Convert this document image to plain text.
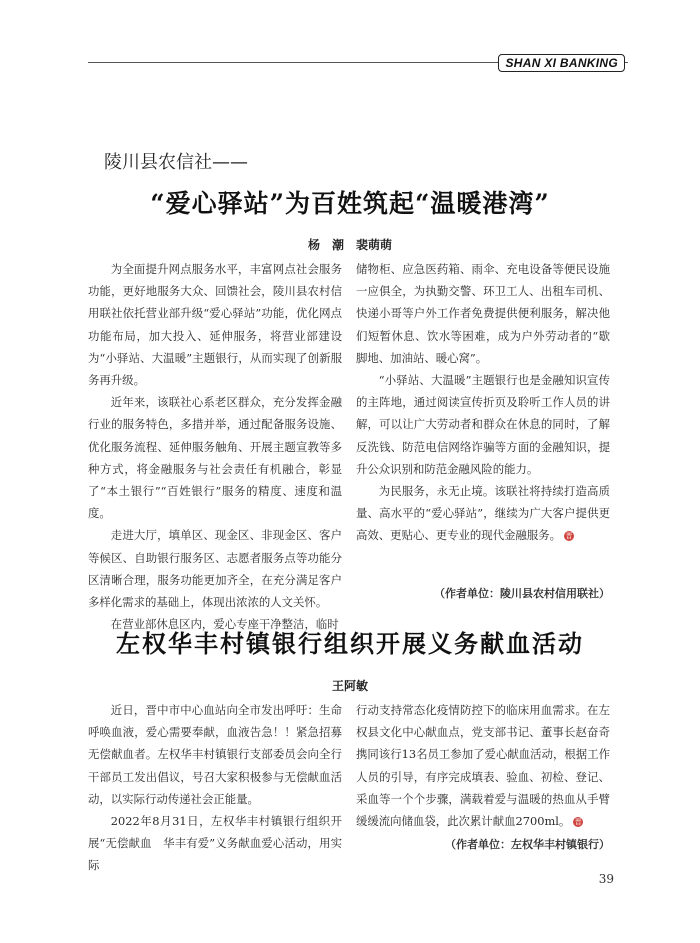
SHAN XI BANKING
陵川县农信社——
“爱心驿站”为百姓筑起“温暖港湾”
杨　潮　裴萌萌

为全面提升网点服务水平，丰富网点社会服务功能，更好地服务大众、回馈社会，陵川县农村信用联社依托营业部升级“爱心驿站”功能，优化网点功能布局，加大投入、延伸服务，将营业部建设为“小驿站、大温暖”主题银行，从而实现了创新服务再升级。

近年来，该联社心系老区群众，充分发挥金融行业的服务特色，多措并举，通过配备服务设施、优化服务流程、延伸服务触角、开展主题宣教等多种方式，将金融服务与社会责任有机融合，彰显了“本土银行”“百姓银行”服务的精度、速度和温度。

走进大厅，填单区、现金区、非现金区、客户等候区、自助银行服务区、志愿者服务点等功能分区清晰合理，服务功能更加齐全，在充分满足客户多样化需求的基础上，体现出浓浓的人文关怀。

在营业部休息区内，爱心专座干净整洁，临时

储物柜、应急医药箱、雨伞、充电设备等便民设施一应俱全，为执勤交警、环卫工人、出租车司机、快递小哥等户外工作者免费提供便利服务，解决他们短暂休息、饮水等困难，成为户外劳动者的“歇脚地、加油站、暖心窝”。

“小驿站、大温暖”主题银行也是金融知识宣传的主阵地，通过阅读宣传折页及聆听工作人员的讲解，可以让广大劳动者和群众在休息的同时，了解反洗钱、防范电信网络诈骗等方面的金融知识，提升公众识别和防范金融风险的能力。

为民服务，永无止境。该联社将持续打造高质量、高水平的“爱心驿站”，继续为广大客户提供更高效、更贴心、更专业的现代金融服务。 晋

（作者单位：陵川县农村信用联社）
左权华丰村镇银行组织开展义务献血活动
王阿敏

近日，晋中市中心血站向全市发出呼吁：生命呼唤血液，爱心需要奉献，血液告急！！紧急招募无偿献血者。左权华丰村镇银行支部委员会向全行干部员工发出倡议，号召大家积极参与无偿献血活动，以实际行动传递社会正能量。

2022年8月31日，左权华丰村镇银行组织开展“无偿献血　华丰有爱”义务献血爱心活动，用实际

行动支持常态化疫情防控下的临床用血需求。在左权县文化中心献血点，党支部书记、董事长赵奋奇携同该行13名员工参加了爱心献血活动，根据工作人员的引导，有序完成填表、验血、初检、登记、采血等一个个步骤，满载着爱与温暖的热血从手臂缓缓流向储血袋，此次累计献血2700ml。 晋

（作者单位：左权华丰村镇银行）
39
